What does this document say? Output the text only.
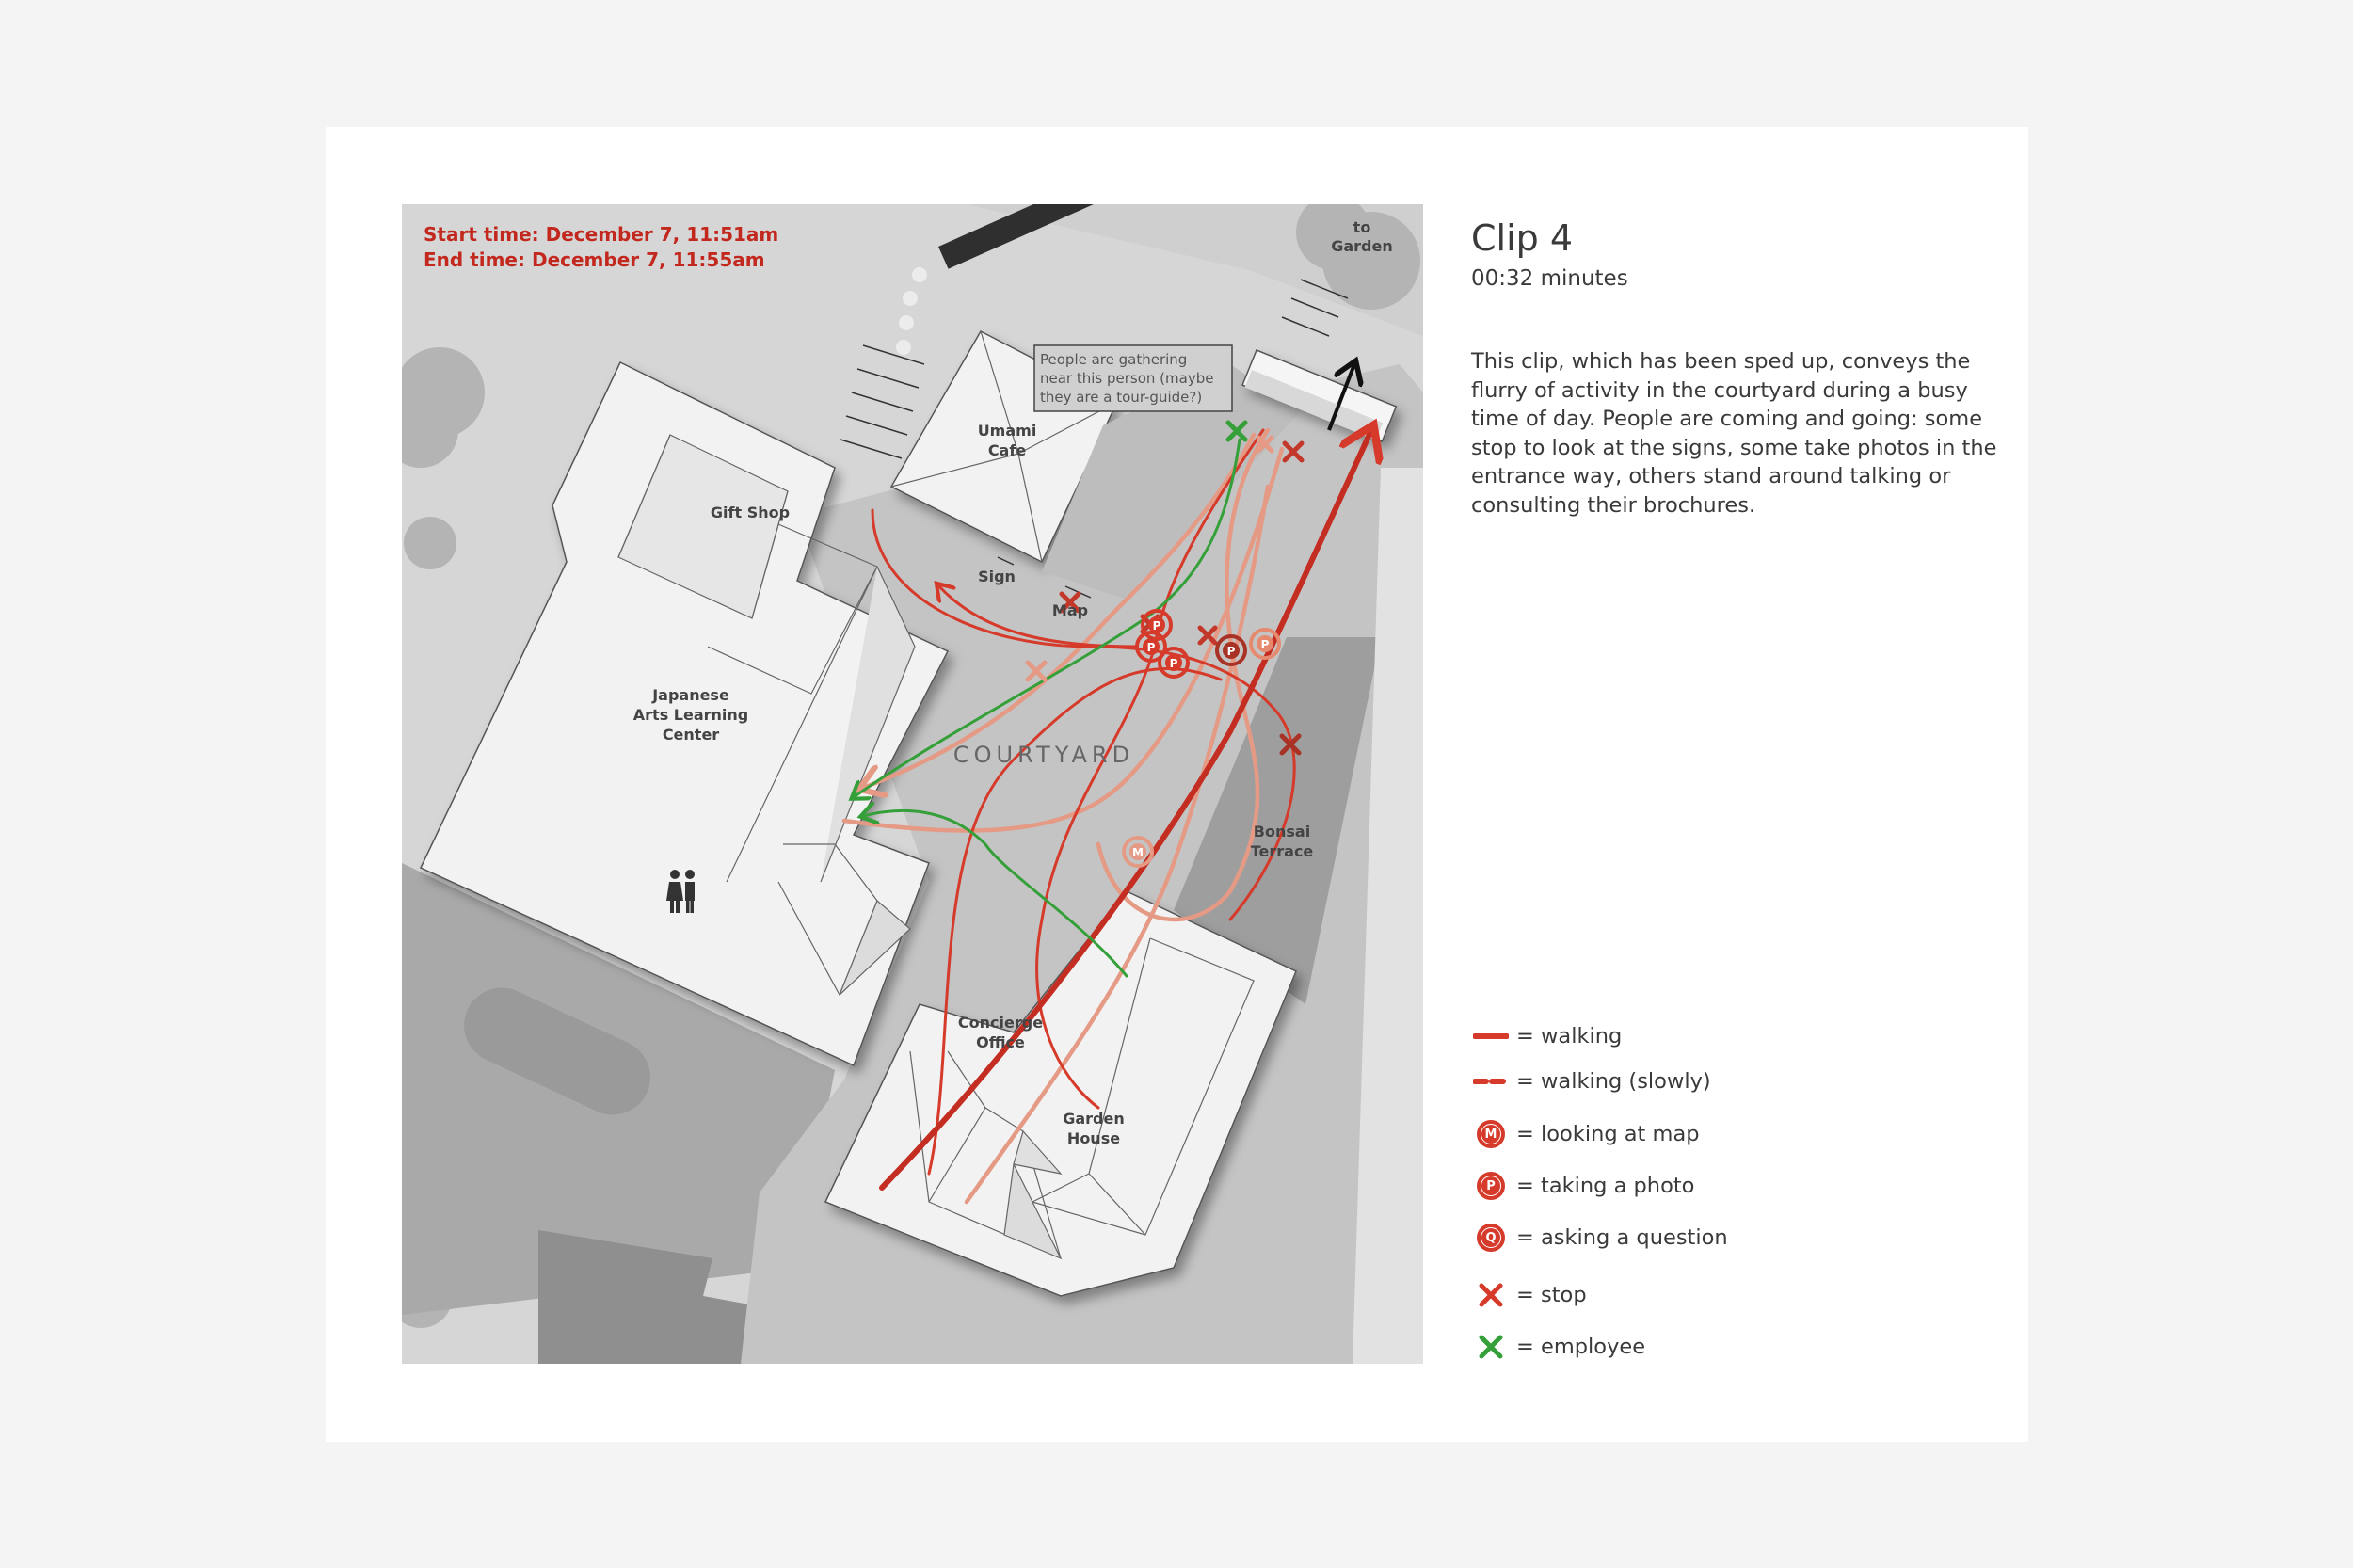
P
P
P
P P
M
People are gathering
near this person (maybe
they are a tour-guide?)
Start time: December 7, 11:51am
End time: December 7, 11:55am
to
Garden
Umami
Cafe
Gift Shop
Sign
Map
Japanese
Arts Learning
Center
COURTYARD
Bonsai
Terrace
Concierge
Office
Garden
House
Clip 4
00:32 minutes
This clip, which has been sped up, conveys the flurry of activity in the courtyard during a busy time of day. People are coming and going: some stop to look at the signs, some take photos in the entrance way, others stand around talking or consulting their brochures.
= walking
= walking (slowly)
M = looking at map
P = taking a photo
Q = asking a question
= stop
= employee
